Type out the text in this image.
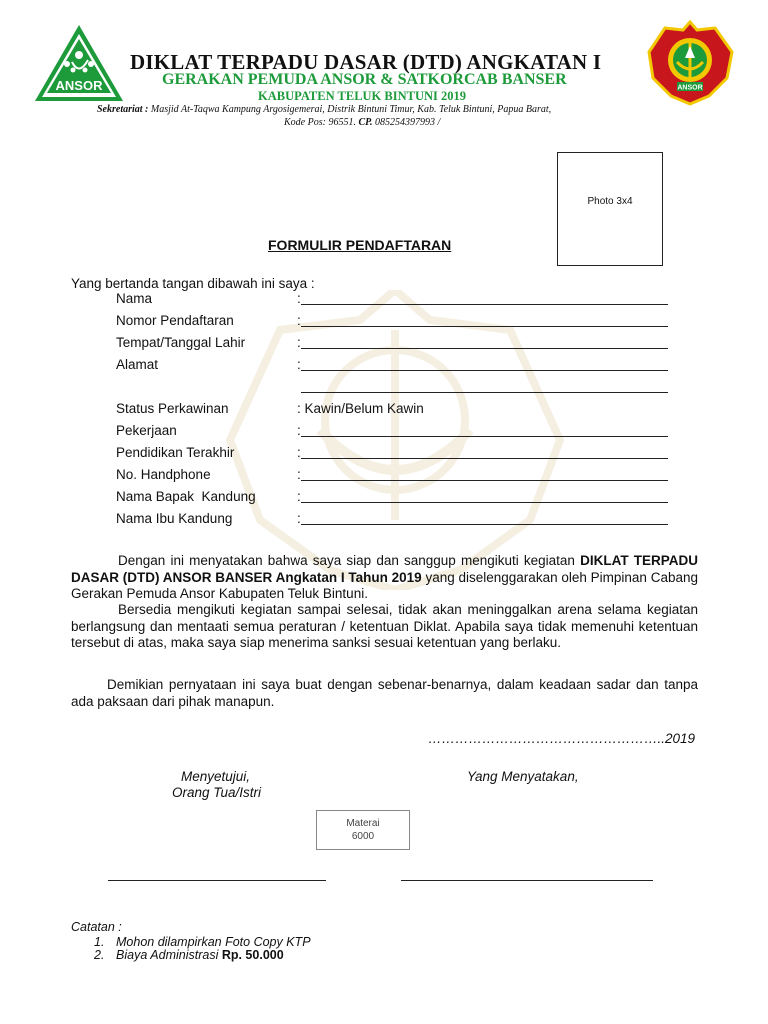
ANSOR	ANSOR
DIKLAT TERPADU DASAR (DTD) ANGKATAN I
GERAKAN PEMUDA ANSOR & SATKORCAB BANSER
KABUPATEN TELUK BINTUNI 2019
Sekretariat : Masjid At-Taqwa Kampung Argosigemerai, Distrik Bintuni Timur, Kab. Teluk Bintuni, Papua Barat,
Kode Pos: 96551. CP. 085254397993 /
Photo 3x4
FORMULIR PENDAFTARAN
Yang bertanda tangan dibawah ini saya :
Nama	:
Nomor Pendaftaran	:
Tempat/Tanggal Lahir	:
Alamat	:
Status Perkawinan	: Kawin/Belum Kawin
Pekerjaan	:
Pendidikan Terakhir	:
No. Handphone	:
Nama Bapak  Kandung	:
Nama Ibu Kandung	:
Dengan ini menyatakan bahwa saya siap dan sanggup mengikuti kegiatan DIKLAT TERPADU DASAR (DTD) ANSOR BANSER Angkatan I Tahun 2019 yang diselenggarakan oleh Pimpinan Cabang Gerakan Pemuda Ansor Kabupaten Teluk Bintuni.
Bersedia mengikuti kegiatan sampai selesai, tidak akan meninggalkan arena selama kegiatan berlangsung dan mentaati semua peraturan / ketentuan Diklat. Apabila saya tidak memenuhi ketentuan tersebut di atas, maka saya siap menerima sanksi sesuai ketentuan yang berlaku.
Demikian pernyataan ini saya buat dengan sebenar-benarnya, dalam keadaan sadar dan tanpa ada paksaan dari pihak manapun.
……………………………………………..2019
Menyetujui,
Orang Tua/Istri
Yang Menyatakan,
Materai
6000
Catatan :
1. Mohon dilampirkan Foto Copy KTP
2. Biaya Administrasi Rp. 50.000
